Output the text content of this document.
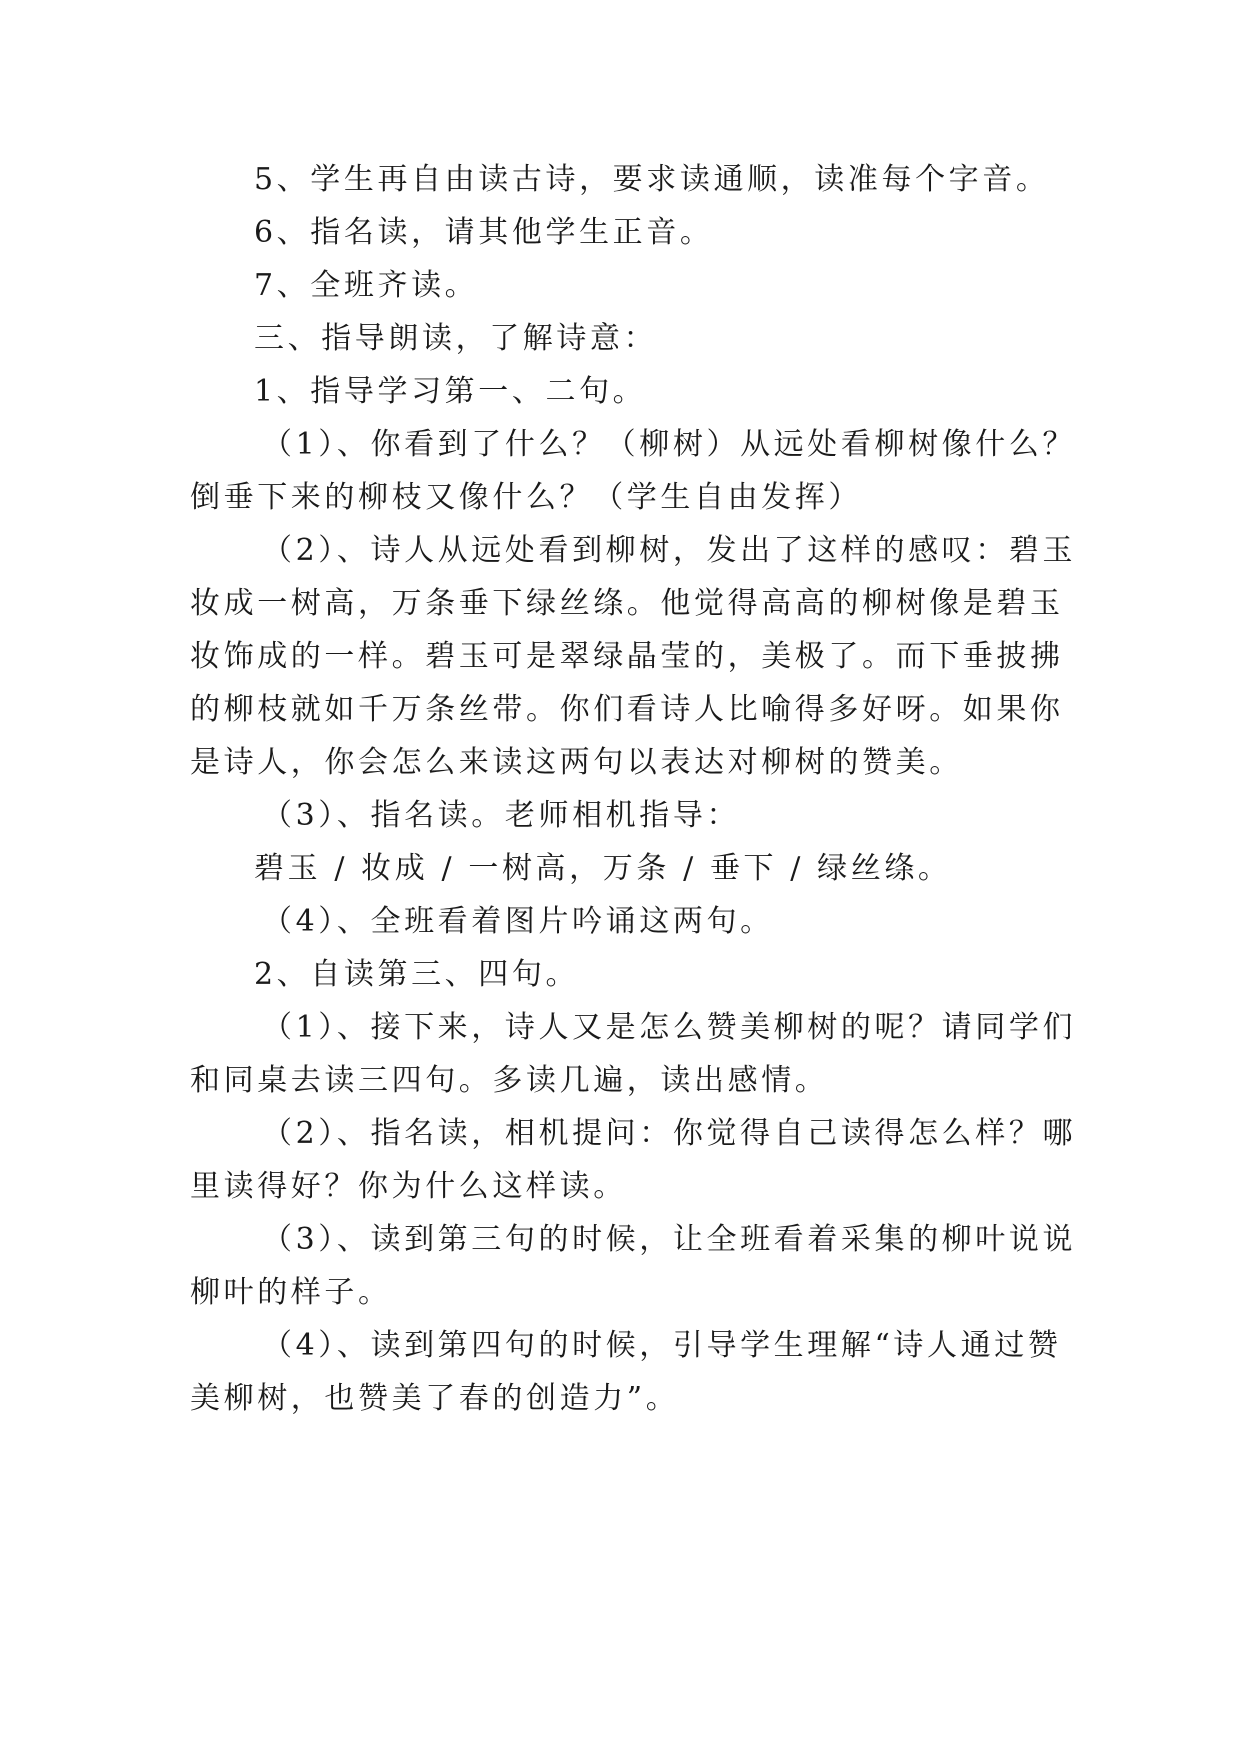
5、学生再自由读古诗，要求读通顺，读准每个字音。
6、指名读，请其他学生正音。
7、全班齐读。
三、指导朗读，了解诗意：
1、指导学习第一、二句。
（1）、你看到了什么？（柳树）从远处看柳树像什么？
倒垂下来的柳枝又像什么？（学生自由发挥）
（2）、诗人从远处看到柳树，发出了这样的感叹：碧玉
妆成一树高，万条垂下绿丝绦。他觉得高高的柳树像是碧玉
妆饰成的一样。碧玉可是翠绿晶莹的，美极了。而下垂披拂
的柳枝就如千万条丝带。你们看诗人比喻得多好呀。如果你
是诗人，你会怎么来读这两句以表达对柳树的赞美。
（3）、指名读。老师相机指导：
碧玉 / 妆成 / 一树高，万条 / 垂下 / 绿丝绦。
（4）、全班看着图片吟诵这两句。
2、自读第三、四句。
（1）、接下来，诗人又是怎么赞美柳树的呢？请同学们
和同桌去读三四句。多读几遍，读出感情。
（2）、指名读，相机提问：你觉得自己读得怎么样？哪
里读得好？你为什么这样读。
（3）、读到第三句的时候，让全班看着采集的柳叶说说
柳叶的样子。
（4）、读到第四句的时候，引导学生理解“诗人通过赞
美柳树，也赞美了春的创造力”。
